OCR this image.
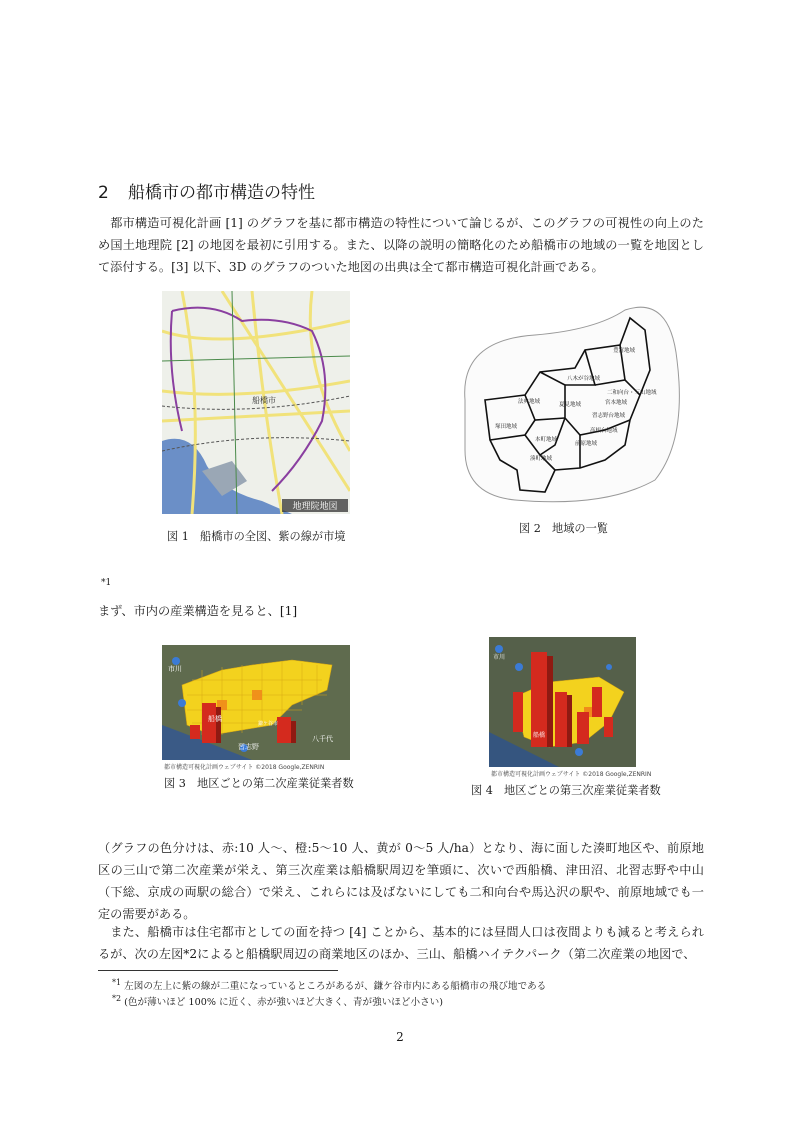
2 船橋市の都市構造の特性
都市構造可視化計画 [1] のグラフを基に都市構造の特性について論じるが、このグラフの可視性の向上のため国土地理院 [2] の地図を最初に引用する。また、以降の説明の簡略化のため船橋市の地域の一覧を地図として添付する。[3] 以下、3D のグラフのついた地図の出典は全て都市構造可視化計画である。
船橋市
地理院地図
図 1　船橋市の全図、紫の線が市境
豊富地域
八木が谷地域
二和向台・三山地域
法典地域	夏見地域
習志野台地域
高根台地域
前原地域
本町地域
湊町地域
塚田地域
宮本地域
図 2　地域の一覧
*1
まず、市内の産業構造を見ると、[1]
市川
船橋
習志野
八千代
鎌ケ谷市
都市構造可視化計画ウェブサイト ©2018 Google,ZENRIN
図 3　地区ごとの第二次産業従業者数
市川
船橋
都市構造可視化計画ウェブサイト ©2018 Google,ZENRIN
図 4　地区ごとの第三次産業従業者数
（グラフの色分けは、赤:10 人〜、橙:5〜10 人、黄が 0〜5 人/ha）となり、海に面した湊町地区や、前原地区の三山で第二次産業が栄え、第三次産業は船橋駅周辺を筆頭に、次いで西船橋、津田沼、北習志野や中山（下総、京成の両駅の総合）で栄え、これらには及ばないにしても二和向台や馬込沢の駅や、前原地域でも一定の需要がある。
また、船橋市は住宅都市としての面を持つ [4] ことから、基本的には昼間人口は夜間よりも減ると考えられるが、次の左図*2によると船橋駅周辺の商業地区のほか、三山、船橋ハイテクパーク（第二次産業の地図で、
$^{*1}$ 左図の左上に紫の線が二重になっているところがあるが、鎌ケ谷市内にある船橋市の飛び地である
$^{*2}$ (色が薄いほど 100% に近く、赤が強いほど大きく、青が強いほど小さい)
2
